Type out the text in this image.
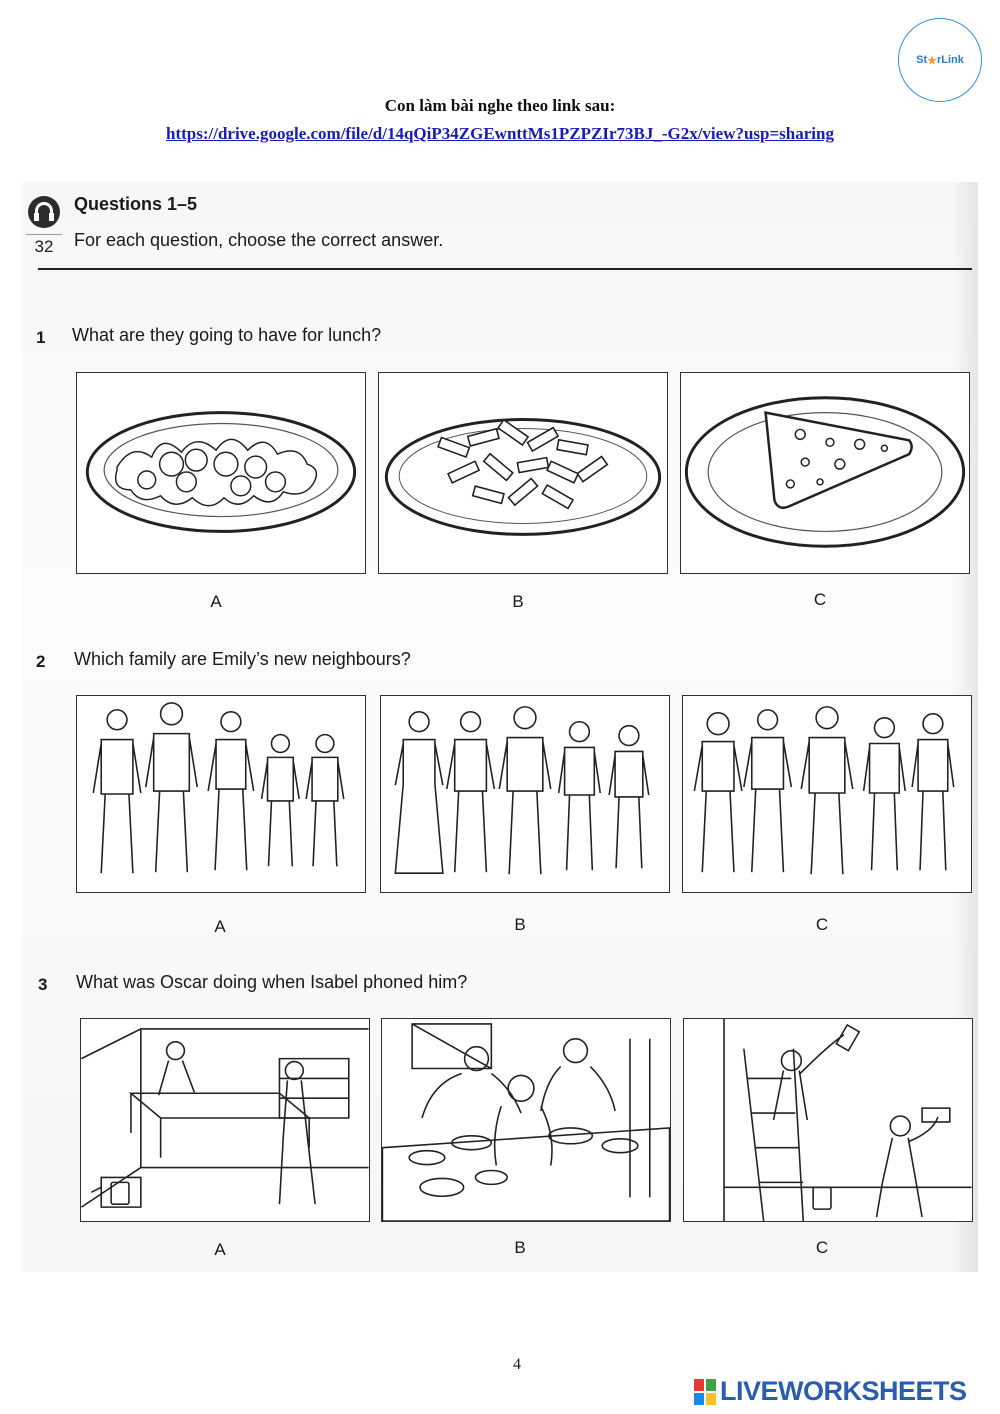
St ★ rLink
Con làm bài nghe theo link sau:
https://drive.google.com/file/d/14qQiP34ZGEwnttMs1PZPZIr73BJ_-G2x/view?usp=sharing
32
Questions 1–5
For each question, choose the correct answer.
1 What are they going to have for lunch?
A	B	C
2 Which family are Emily’s new neighbours?
A	B	C
3 What was Oscar doing when Isabel phoned him?
A	B	C
4
LIVEWORKSHEETS
